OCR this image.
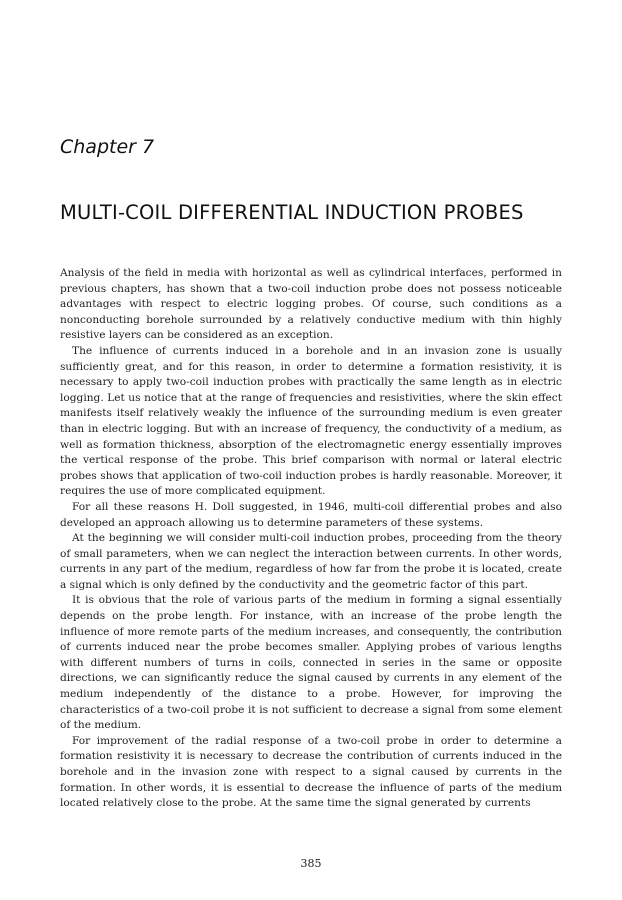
Chapter 7
MULTI-COIL DIFFERENTIAL INDUCTION PROBES

Analysis of the field in media with horizontal as well as cylindrical interfaces, performed in previous chapters, has shown that a two-coil induction probe does not possess noticeable advantages with respect to electric logging probes. Of course, such conditions as a nonconducting borehole surrounded by a relatively conductive medium with thin highly resistive layers can be considered as an exception.

The influence of currents induced in a borehole and in an invasion zone is usually sufficiently great, and for this reason, in order to determine a formation resistivity, it is necessary to apply two-coil induction probes with practically the same length as in electric logging. Let us notice that at the range of frequencies and resistivities, where the skin effect manifests itself relatively weakly the influence of the surrounding medium is even greater than in electric logging. But with an increase of frequency, the conductivity of a medium, as well as formation thickness, absorption of the electromagnetic energy essentially improves the vertical response of the probe. This brief comparison with normal or lateral electric probes shows that application of two-coil induction probes is hardly reasonable. Moreover, it requires the use of more complicated equipment.

For all these reasons H. Doll suggested, in 1946, multi-coil differential probes and also developed an approach allowing us to determine parameters of these systems.

At the beginning we will consider multi-coil induction probes, proceeding from the theory of small parameters, when we can neglect the interaction between currents. In other words, currents in any part of the medium, regardless of how far from the probe it is located, create a signal which is only defined by the conductivity and the geometric factor of this part.

It is obvious that the role of various parts of the medium in forming a signal essentially depends on the probe length. For instance, with an increase of the probe length the influence of more remote parts of the medium increases, and consequently, the contribution of currents induced near the probe becomes smaller. Applying probes of various lengths with different numbers of turns in coils, connected in series in the same or opposite directions, we can significantly reduce the signal caused by currents in any element of the medium independently of the distance to a probe. However, for improving the characteristics of a two-coil probe it is not sufficient to decrease a signal from some element of the medium.

For improvement of the radial response of a two-coil probe in order to determine a formation resistivity it is necessary to decrease the contribution of currents induced in the borehole and in the invasion zone with respect to a signal caused by currents in the formation. In other words, it is essential to decrease the influence of parts of the medium located relatively close to the probe. At the same time the signal generated by currents

385
